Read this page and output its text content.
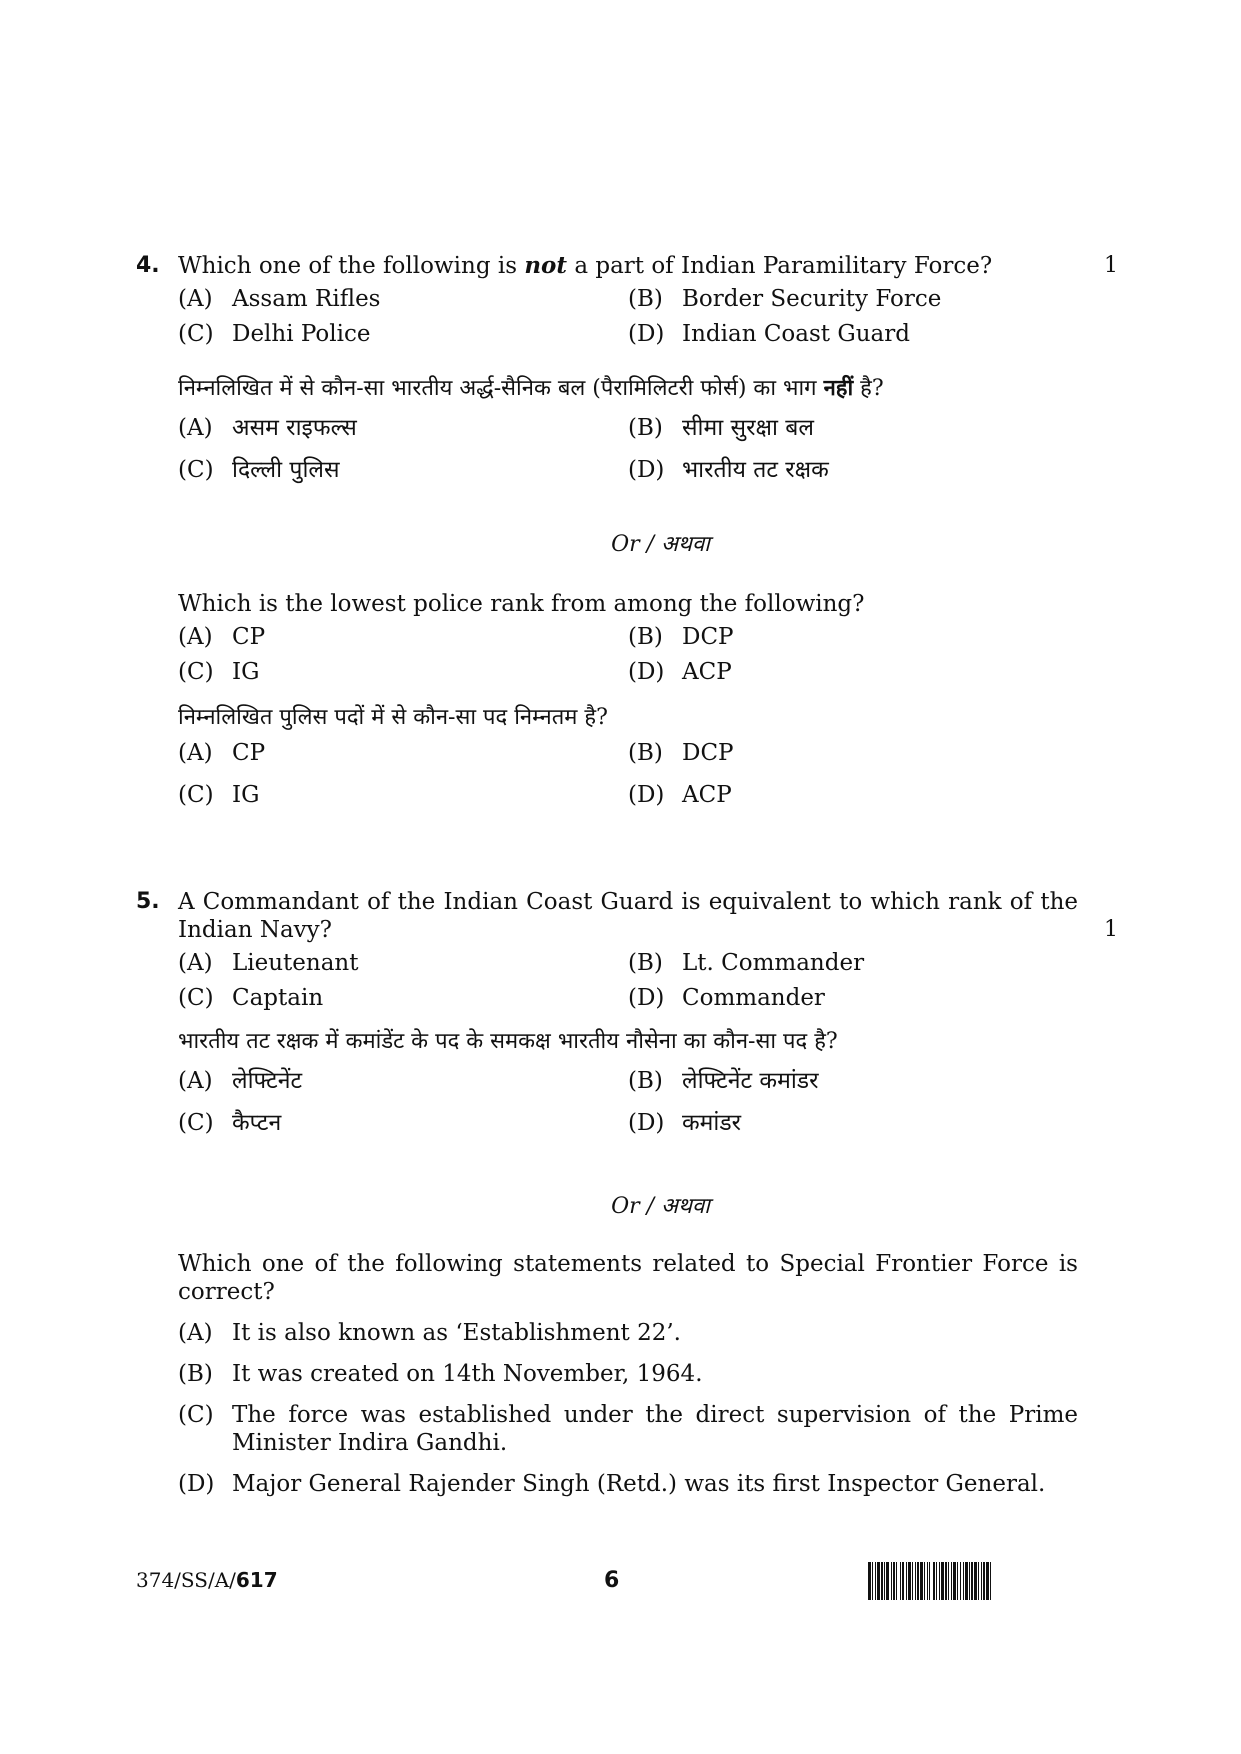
4. Which one of the following is not a part of Indian Paramilitary Force?	1
(A) Assam Rifles	(B) Border Security Force
(C) Delhi Police	(D) Indian Coast Guard
निम्नलिखित में से कौन-सा भारतीय अर्द्ध-सैनिक बल (पैरामिलिटरी फोर्स) का भाग नहीं है?
(A) असम राइफल्स	(B) सीमा सुरक्षा बल
(C) दिल्ली पुलिस	(D) भारतीय तट रक्षक
Or / अथवा
Which is the lowest police rank from among the following?
(A) CP	(B) DCP
(C) IG	(D) ACP
निम्नलिखित पुलिस पदों में से कौन-सा पद निम्नतम है?
(A) CP	(B) DCP
(C) IG	(D) ACP
5. A Commandant of the Indian Coast Guard is equivalent to which rank of the Indian Navy?	1
(A) Lieutenant	(B) Lt. Commander
(C) Captain	(D) Commander
भारतीय तट रक्षक में कमांडेंट के पद के समकक्ष भारतीय नौसेना का कौन-सा पद है?
(A) लेफ्टिनेंट	(B) लेफ्टिनेंट कमांडर
(C) कैप्टन	(D) कमांडर
Or / अथवा
Which one of the following statements related to Special Frontier Force is correct?
(A) It is also known as ‘Establishment 22’.
(B) It was created on 14th November, 1964.
(C) The force was established under the direct supervision of the Prime Minister Indira Gandhi.
(D) Major General Rajender Singh (Retd.) was its first Inspector General.
374/SS/A/617	6
